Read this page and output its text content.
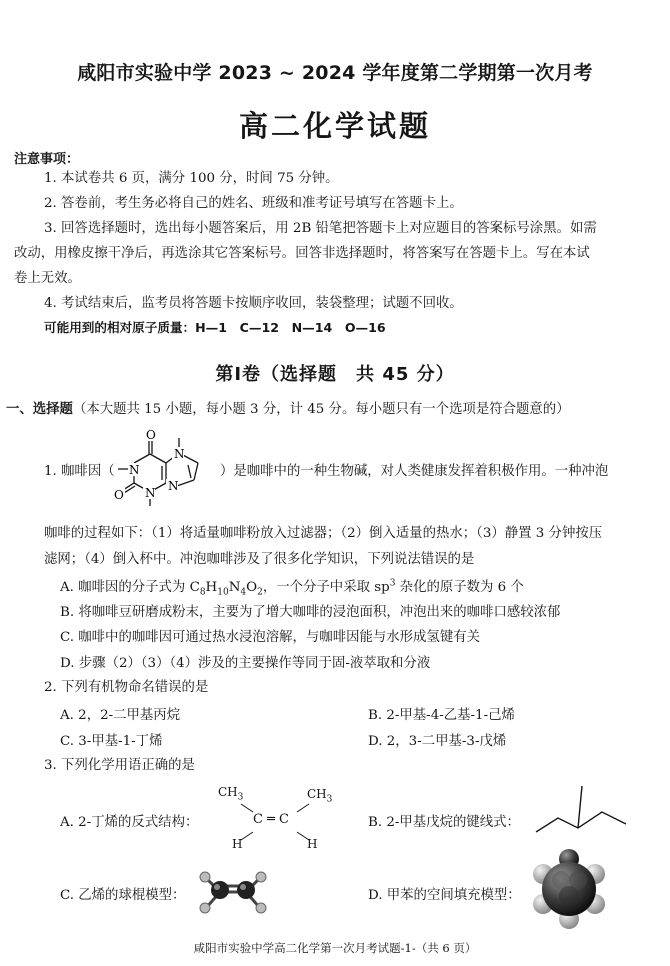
咸阳市实验中学 2023 ~ 2024 学年度第二学期第一次月考
高二化学试题
注意事项：
1. 本试卷共 6 页，满分 100 分，时间 75 分钟。
2. 答卷前，考生务必将自己的姓名、班级和准考证号填写在答题卡上。
3. 回答选择题时，选出每小题答案后，用 2B 铅笔把答题卡上对应题目的答案标号涂黑。如需
改动，用橡皮擦干净后，再选涂其它答案标号。回答非选择题时，将答案写在答题卡上。写在本试
卷上无效。
4. 考试结束后，监考员将答题卡按顺序收回，装袋整理；试题不回收。
可能用到的相对原子质量：H—1　C—12　N—14　O—16
第Ⅰ卷（选择题　共 45 分）
一、选择题（本大题共 15 小题，每小题 3 分，计 45 分。每小题只有一个选项是符合题意的）
1. 咖啡因（
O
O N
N
N
N
）是咖啡中的一种生物碱，对人类健康发挥着积极作用。一种冲泡
咖啡的过程如下：（1）将适量咖啡粉放入过滤器；（2）倒入适量的热水；（3）静置 3 分钟按压
滤网；（4）倒入杯中。冲泡咖啡涉及了很多化学知识，下列说法错误的是
A. 咖啡因的分子式为 $C_8H_{10}N_4O_2$，一个分子中采取 $sp^3$ 杂化的原子数为 6 个
B. 将咖啡豆研磨成粉末，主要为了增大咖啡的浸泡面积，冲泡出来的咖啡口感较浓郁
C. 咖啡中的咖啡因可通过热水浸泡溶解，与咖啡因能与水形成氢键有关
D. 步骤（2）（3）（4）涉及的主要操作等同于固-液萃取和分液
2. 下列有机物命名错误的是
A. 2，2-二甲基丙烷	B. 2-甲基-4-乙基-1-己烯
C. 3-甲基-1-丁烯	D. 2，3-二甲基-3-戊烯
3. 下列化学用语正确的是
A. 2-丁烯的反式结构：
$CH_3$	$CH_3$
C ═ C
H	H
B. 2-甲基戊烷的键线式：
C. 乙烯的球棍模型：	D. 甲苯的空间填充模型：
咸阳市实验中学高二化学第一次月考试题-1-（共 6 页）
